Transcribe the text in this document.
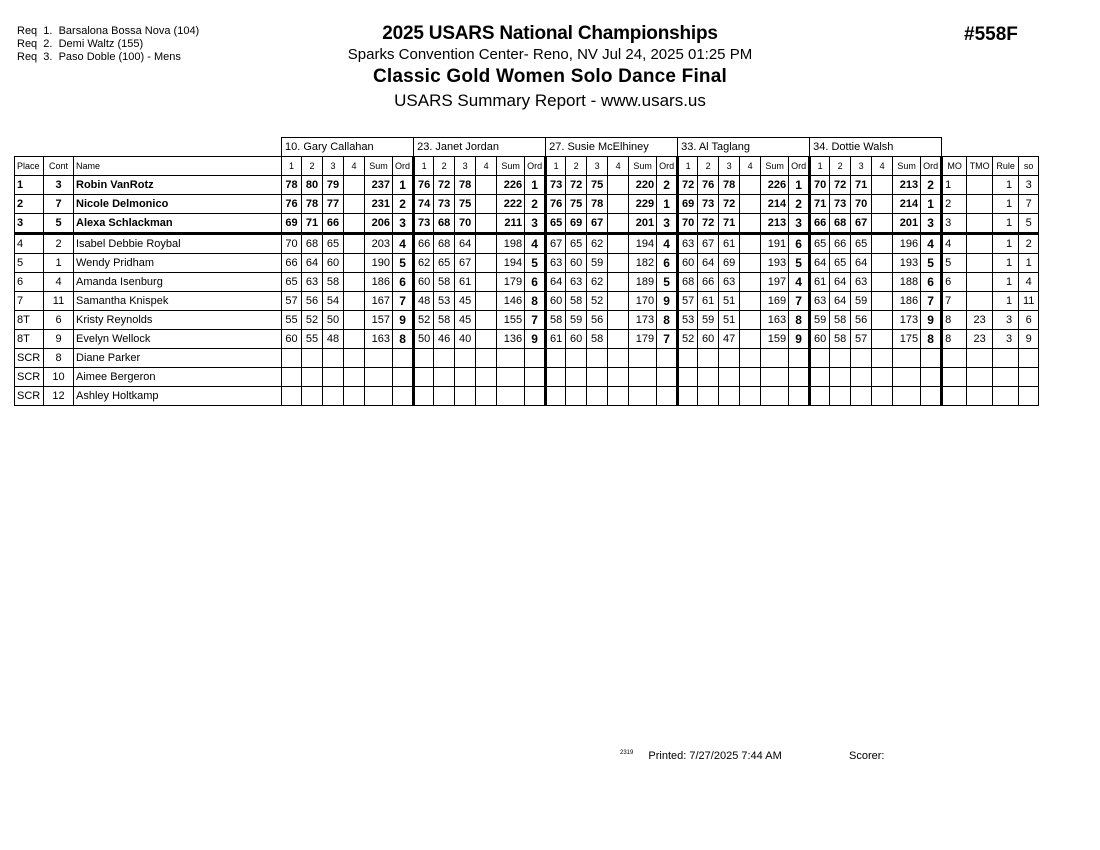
Req  1. Barsalona Bossa Nova (104)
Req  2. Demi Waltz (155)
Req  3. Paso Doble (100) - Mens
2025 USARS National Championships
Sparks Convention Center- Reno, NV Jul 24, 2025 01:25 PM
Classic Gold Women Solo Dance Final
USARS Summary Report - www.usars.us
#558F
			10. Gary Callahan						23. Janet Jordan						27. Susie McElhiney						33. Al Taglang						34. Dottie Walsh									
Place	Cont	Name	1	2	3	4	Sum	Ord	1	2	3	4	Sum	Ord	1	2	3	4	Sum	Ord	1	2	3	4	Sum	Ord	1	2	3	4	Sum	Ord	MO	TMO	Rule	so
1	3	Robin VanRotz	78	80	79		237	1	76	72	78		226	1	73	72	75		220	2	72	76	78		226	1	70	72	71		213	2	1		1	3
2	7	Nicole Delmonico	76	78	77		231	2	74	73	75		222	2	76	75	78		229	1	69	73	72		214	2	71	73	70		214	1	2		1	7
3	5	Alexa Schlackman	69	71	66		206	3	73	68	70		211	3	65	69	67		201	3	70	72	71		213	3	66	68	67		201	3	3		1	5
4	2	Isabel Debbie Roybal	70	68	65		203	4	66	68	64		198	4	67	65	62		194	4	63	67	61		191	6	65	66	65		196	4	4		1	2
5	1	Wendy Pridham	66	64	60		190	5	62	65	67		194	5	63	60	59		182	6	60	64	69		193	5	64	65	64		193	5	5		1	1
6	4	Amanda Isenburg	65	63	58		186	6	60	58	61		179	6	64	63	62		189	5	68	66	63		197	4	61	64	63		188	6	6		1	4
7	11	Samantha Knispek	57	56	54		167	7	48	53	45		146	8	60	58	52		170	9	57	61	51		169	7	63	64	59		186	7	7		1	11
8T	6	Kristy Reynolds	55	52	50		157	9	52	58	45		155	7	58	59	56		173	8	53	59	51		163	8	59	58	56		173	9	8	23	3	6
8T	9	Evelyn Wellock	60	55	48		163	8	50	46	40		136	9	61	60	58		179	7	52	60	47		159	9	60	58	57		175	8	8	23	3	9
SCR	8	Diane Parker																																		
SCR	10	Aimee Bergeron																																		
SCR	12	Ashley Holtkamp																																		
$^{2319}$ Printed: 7/27/2025 7:44 AM	Scorer:
